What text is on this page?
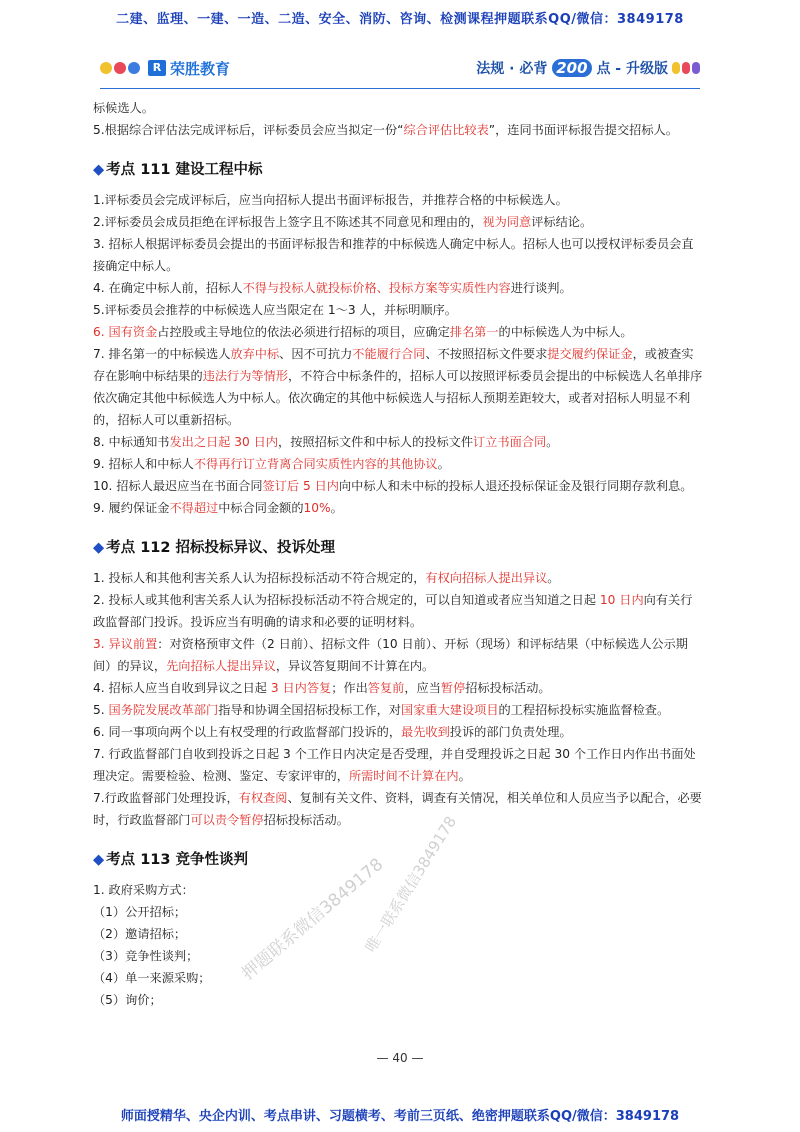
二建、监理、一建、一造、二造、安全、消防、咨询、检测课程押题联系QQ/微信：3849178
R 荣胜教育	法规 · 必背 200 点 - 升级版

标候选人。

5.根据综合评估法完成评标后，评标委员会应当拟定一份“综合评估比较表”，连同书面评标报告提交招标人。

◆ 考点 111 建设工程中标

1.评标委员会完成评标后，应当向招标人提出书面评标报告，并推荐合格的中标候选人。

2.评标委员会成员拒绝在评标报告上签字且不陈述其不同意见和理由的，视为同意评标结论。

3. 招标人根据评标委员会提出的书面评标报告和推荐的中标候选人确定中标人。招标人也可以授权评标委员会直接确定中标人。

4. 在确定中标人前，招标人不得与投标人就投标价格、投标方案等实质性内容进行谈判。

5.评标委员会推荐的中标候选人应当限定在 1～3 人，并标明顺序。

6. 国有资金占控股或主导地位的依法必须进行招标的项目，应确定排名第一的中标候选人为中标人。

7. 排名第一的中标候选人放弃中标、因不可抗力不能履行合同、不按照招标文件要求提交履约保证金，或被查实存在影响中标结果的违法行为等情形，不符合中标条件的，招标人可以按照评标委员会提出的中标候选人名单排序依次确定其他中标候选人为中标人。依次确定的其他中标候选人与招标人预期差距较大，或者对招标人明显不利的，招标人可以重新招标。

8. 中标通知书发出之日起 30 日内，按照招标文件和中标人的投标文件订立书面合同。

9. 招标人和中标人不得再行订立背离合同实质性内容的其他协议。

10. 招标人最迟应当在书面合同签订后 5 日内向中标人和未中标的投标人退还投标保证金及银行同期存款利息。

9. 履约保证金不得超过中标合同金额的10%。

◆ 考点 112 招标投标异议、投诉处理

1. 投标人和其他利害关系人认为招标投标活动不符合规定的，有权向招标人提出异议。

2. 投标人或其他利害关系人认为招标投标活动不符合规定的，可以自知道或者应当知道之日起 10 日内向有关行政监督部门投诉。投诉应当有明确的请求和必要的证明材料。

3. 异议前置：对资格预审文件（2 日前）、招标文件（10 日前）、开标（现场）和评标结果（中标候选人公示期间）的异议，先向招标人提出异议，异议答复期间不计算在内。

4. 招标人应当自收到异议之日起 3 日内答复；作出答复前，应当暂停招标投标活动。

5. 国务院发展改革部门指导和协调全国招标投标工作，对国家重大建设项目的工程招标投标实施监督检查。

6. 同一事项向两个以上有权受理的行政监督部门投诉的，最先收到投诉的部门负责处理。

7. 行政监督部门自收到投诉之日起 3 个工作日内决定是否受理，并自受理投诉之日起 30 个工作日内作出书面处理决定。需要检验、检测、鉴定、专家评审的，所需时间不计算在内。

7.行政监督部门处理投诉，有权查阅、复制有关文件、资料，调查有关情况，相关单位和人员应当予以配合，必要时，行政监督部门可以责令暂停招标投标活动。

◆ 考点 113 竞争性谈判

1. 政府采购方式：

（1）公开招标；

（2）邀请招标；

（3）竞争性谈判；

（4）单一来源采购；

（5）询价；

唯一联系微信3849178
押题联系微信3849178
— 40 —
师面授精华、央企内训、考点串讲、习题横考、考前三页纸、绝密押题联系QQ/微信：3849178
